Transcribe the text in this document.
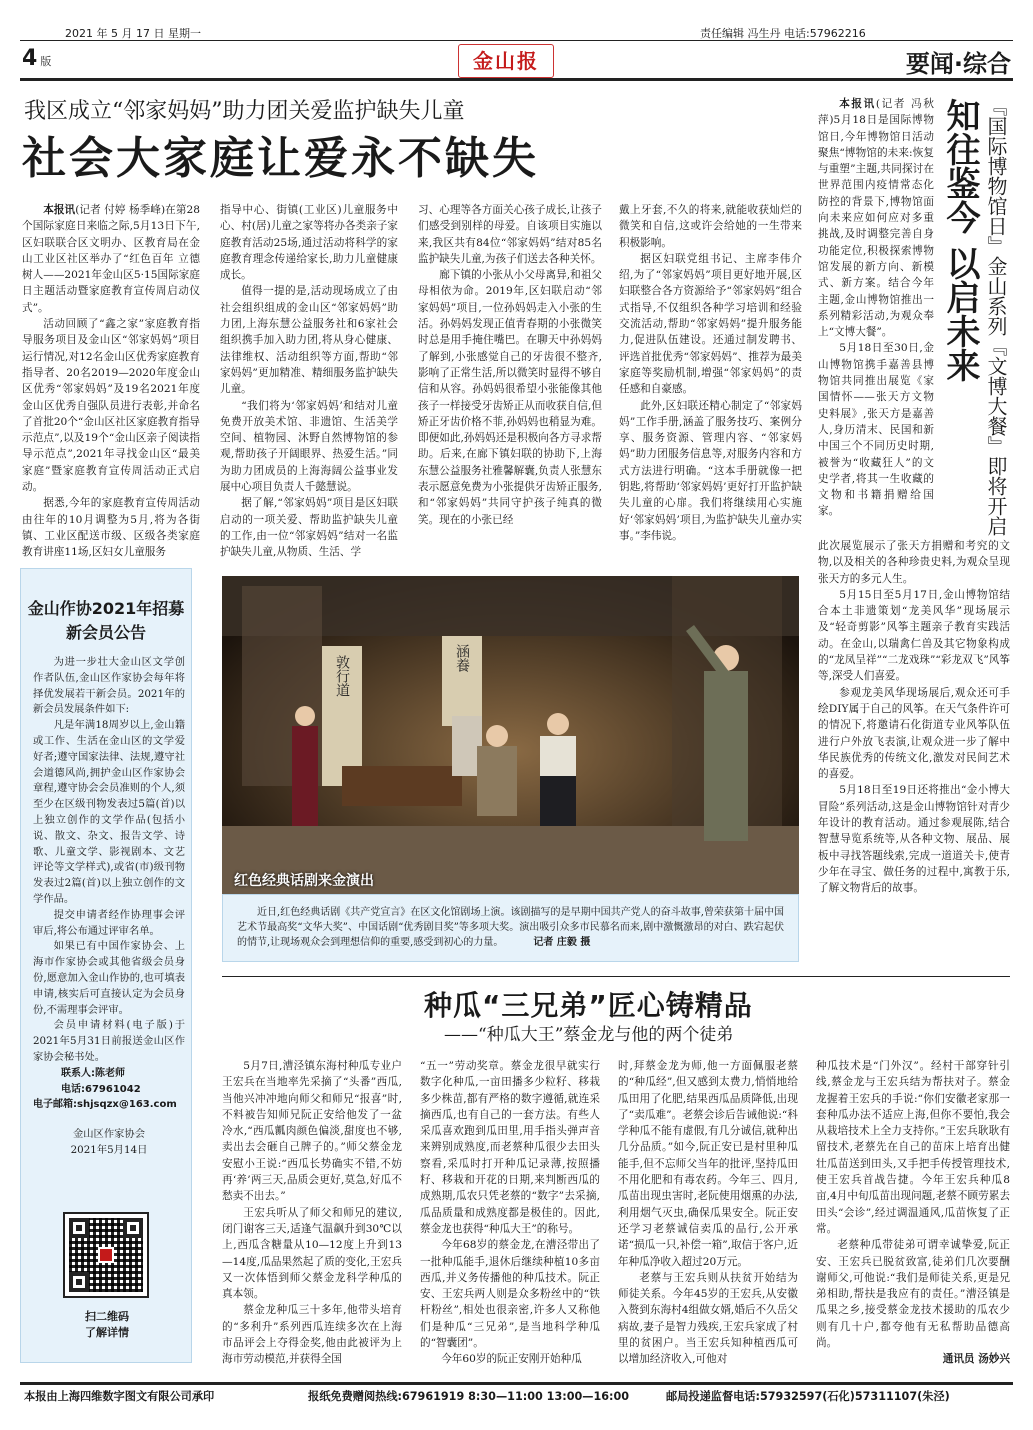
2021 年 5 月 17 日 星期一	责任编辑 冯生丹 电话:57962216
4 版	金山报	要闻·综合
我区成立“邻家妈妈”助力团关爱监护缺失儿童
社会大家庭让爱永不缺失

本报讯(记者 付婷 杨季峰)在第28个国际家庭日来临之际,5月13日下午,区妇联联合区文明办、区教育局在金山工业区社区举办了“红色百年 立德树人——2021年金山区5·15国际家庭日主题活动暨家庭教育宣传周启动仪式”。

活动回顾了“鑫之家”家庭教育指导服务项目及金山区“邻家妈妈”项目运行情况,对12名金山区优秀家庭教育指导者、20名2019—2020年度金山区优秀“邻家妈妈”及19名2021年度金山区优秀自强队员进行表彰,并命名了首批20个“金山区社区家庭教育指导示范点”,以及19个“金山区亲子阅读指导示范点”,2021年寻找金山区“最美家庭”暨家庭教育宣传周活动正式启动。

据悉,今年的家庭教育宣传周活动由往年的10月调整为5月,将为各街镇、工业区配送市级、区级各类家庭教育讲座11场,区妇女儿童服务

指导中心、街镇(工业区)儿童服务中心、村(居)儿童之家等将办各类亲子家庭教育活动25场,通过活动将科学的家庭教育理念传递给家长,助力儿童健康成长。

值得一提的是,活动现场成立了由社会组织组成的金山区“邻家妈妈”助力团,上海东慧公益服务社和6家社会组织携手加入助力团,将从身心健康、法律维权、活动组织等方面,帮助“邻家妈妈”更加精准、精细服务监护缺失儿童。

“我们将为‘邻家妈妈’和结对儿童免费开放美术馆、非遗馆、生活美学空间、植物园、沐野自然博物馆的参观,帮助孩子开阔眼界、热爱生活。”同为助力团成员的上海海阔公益事业发展中心项目负责人千懿慧说。

据了解,“邻家妈妈”项目是区妇联启动的一项关爱、帮助监护缺失儿童的工作,由一位“邻家妈妈”结对一名监护缺失儿童,从物质、生活、学

习、心理等各方面关心孩子成长,让孩子们感受到别样的母爱。自该项目实施以来,我区共有84位“邻家妈妈”结对85名监护缺失儿童,为孩子们送去各种关怀。

廊下镇的小张从小父母离异,和祖父母相依为命。2019年,区妇联启动“邻家妈妈”项目,一位孙妈妈走入小张的生活。孙妈妈发现正值青春期的小张微笑时总是用手掩住嘴巴。在聊天中孙妈妈了解到,小张感觉自己的牙齿很不整齐,影响了正常生活,所以微笑时显得不够自信和从容。孙妈妈很希望小张能像其他孩子一样接受牙齿矫正从而收获自信,但矫正牙齿价格不菲,孙妈妈也稍显为难。即便如此,孙妈妈还是积极向各方寻求帮助。后来,在廊下镇妇联的协助下,上海东慧公益服务社雅馨解囊,负责人张慧东表示愿意免费为小张提供牙齿矫正服务,和“邻家妈妈”共同守护孩子纯真的微笑。现在的小张已经

戴上牙套,不久的将来,就能收获灿烂的微笑和自信,这或许会给她的一生带来积极影响。

据区妇联党组书记、主席李伟介绍,为了“邻家妈妈”项目更好地开展,区妇联整合各方资源给予“邻家妈妈”组合式指导,不仅组织各种学习培训和经验交流活动,帮助“邻家妈妈”提升服务能力,促进队伍建设。还通过制发聘书、评选首批优秀“邻家妈妈”、推荐为最美家庭等奖励机制,增强“邻家妈妈”的责任感和自豪感。

此外,区妇联还精心制定了“邻家妈妈”工作手册,涵盖了服务技巧、案例分享、服务资源、管理内容、“邻家妈妈”助力团服务信息等,对服务内容和方式方法进行明确。“这本手册就像一把钥匙,将帮助‘邻家妈妈’更好打开监护缺失儿童的心扉。我们将继续用心实施好‘邻家妈妈’项目,为监护缺失儿童办实事。”李伟说。

知往鉴今 以启未来 『国际博物馆日』金山系列『文博大餐』即将开启

本报讯(记者 冯秋萍)5月18日是国际博物馆日,今年博物馆日活动聚焦“博物馆的未来:恢复与重塑”主题,共同探讨在世界范围内疫情常态化防控的背景下,博物馆面向未来应如何应对多重挑战,及时调整完善自身功能定位,积极探索博物馆发展的新方向、新模式、新方案。结合今年主题,金山博物馆推出一系列精彩活动,为观众奉上“文博大餐”。

5月18日至30日,金山博物馆携手嘉善县博物馆共同推出展览《家国情怀——张天方文物史料展》,张天方是嘉善人,身历清末、民国和新中国三个不同历史时期,被誉为“收藏狂人”的文史学者,将其一生收藏的文物和书籍捐赠给国家。

此次展览展示了张天方捐赠和考究的文物,以及相关的各种珍贵史料,为观众呈现张天方的多元人生。

5月15日至5月17日,金山博物馆结合本土非遗策划“龙美风华”现场展示及“轻奇剪影”风筝主题亲子教育实践活动。在金山,以瑞禽仁兽及其它物象构成的“龙凤呈祥”“二龙戏珠”“彩龙双飞”风筝等,深受人们喜爱。

参观龙美风华现场展后,观众还可手绘DIY属于自己的风筝。在天气条件许可的情况下,将邀请石化街道专业风筝队伍进行户外放飞表演,让观众进一步了解中华民族优秀的传统文化,激发对民间艺术的喜爱。

5月18日至19日还将推出“金小博大冒险”系列活动,这是金山博物馆针对青少年设计的教育活动。通过参观展陈,结合智慧导览系统等,从各种文物、展品、展板中寻找答题线索,完成一道道关卡,使青少年在寻宝、做任务的过程中,寓教于乐,了解文物背后的故事。

金山作协2021年招募新会员公告

为进一步壮大金山区文学创作者队伍,金山区作家协会每年将择优发展若干新会员。2021年的新会员发展条件如下:

凡是年满18周岁以上,金山籍或工作、生活在金山区的文学爱好者;遵守国家法律、法规,遵守社会道德风尚,拥护金山区作家协会章程,遵守协会会员准则的个人,须至少在区级刊物发表过5篇(首)以上独立创作的文学作品(包括小说、散文、杂文、报告文学、诗歌、儿童文学、影视剧本、文艺评论等文学样式),或省(市)级刊物发表过2篇(首)以上独立创作的文学作品。

提交申请者经作协理事会评审后,将公布通过评审名单。

如果已有中国作家协会、上海市作家协会或其他省级会员身份,愿意加入金山作协的,也可填表申请,核实后可直接认定为会员身份,不需理事会评审。

会员申请材料(电子版)于2021年5月31日前报送金山区作家协会秘书处。

联系人:陈老师
电话:67961042
电子邮箱:shjsqzx@163.com
金山区作家协会
2021年5月14日
扫二维码
了解详情
敦行道	涵養
红色经典话剧来金演出
近日,红色经典话剧《共产党宣言》在区文化馆剧场上演。该剧描写的是早期中国共产党人的奋斗故事,曾荣获第十届中国艺术节最高奖“文华大奖”、中国话剧“优秀剧目奖”等多项大奖。演出吸引众多市民慕名而来,剧中激慨激昂的对白、跌宕起伏的情节,让现场观众会到理想信仰的重要,感受到初心的力量。	记者 庄毅 摄
种瓜“三兄弟”匠心铸精品
——“种瓜大王”蔡金龙与他的两个徒弟

5月7日,漕泾镇东海村种瓜专业户王宏兵在当地率先采摘了“头番”西瓜,当他兴冲冲地向师父和师兄“报喜”时,不料被告知师兄阮正安给他发了一盆冷水,“西瓜瓤肉颜色偏淡,甜度也不够,卖出去会砸自己牌子的。”师父蔡金龙安慰小王说:“西瓜长势确实不错,不妨再‘养’两三天,品质会更好,莫急,好瓜不愁卖不出去。”

王宏兵听从了师父和师兄的建议,闭门谢客三天,适逢气温飙升到30℃以上,西瓜含糖量从10—12度上升到13—14度,瓜品果然起了质的变化,王宏兵又一次体悟到师父蔡金龙科学种瓜的真本领。

蔡金龙种瓜三十多年,他带头培育的“多利升”系列西瓜连续多次在上海市品评会上夺得金奖,他由此被评为上海市劳动模范,并获得全国

“五一”劳动奖章。蔡金龙很早就实行数字化种瓜,一亩田播多少粒籽、移栽多少株苗,都有严格的数字遵循,就连采摘西瓜,也有自己的一套方法。有些人采瓜喜欢跑到瓜田里,用手指头弹声音来辨别成熟度,而老蔡种瓜很少去田头察看,采瓜时打开种瓜记录薄,按照播籽、移栽和开花的日期,来判断西瓜的成熟期,瓜农只凭老蔡的“数字”去采摘,瓜品质量和成熟度都是极佳的。因此,蔡金龙也获得“种瓜大王”的称号。

今年68岁的蔡金龙,在漕泾带出了一批种瓜能手,退休后继续种植10多亩西瓜,并义务传播他的种瓜技术。阮正安、王宏兵两人则是众多粉丝中的“铁杆粉丝”,相处也很亲密,许多人又称他们是种瓜“三兄弟”,是当地科学种瓜的“智囊团”。

今年60岁的阮正安刚开始种瓜

时,拜蔡金龙为师,他一方面佩服老蔡的“种瓜经”,但又感到太费力,悄悄地给瓜田用了化肥,结果西瓜品质降低,出现了“卖瓜难”。老蔡会诊后告诫他说:“科学种瓜不能有虚假,有几分诚信,就种出几分品质。”如今,阮正安已是村里种瓜能手,但不忘师父当年的批评,坚持瓜田不用化肥和有毒农药。今年三、四月,瓜苗出现虫害时,老阮使用烟熏的办法,利用烟气灭虫,确保瓜果安全。阮正安还学习老蔡诚信卖瓜的品行,公开承诺“损瓜一只,补偿一箱”,取信于客户,近年种瓜净收入超过20万元。

老蔡与王宏兵则从扶贫开始结为师徒关系。今年45岁的王宏兵,从安徽入赘到东海村4组做女婿,婚后不久岳父病故,妻子是智力残疾,王宏兵家成了村里的贫困户。当王宏兵知种植西瓜可以增加经济收入,可他对

种瓜技术是“门外汉”。经村干部穿针引线,蔡金龙与王宏兵结为帮扶对子。蔡金龙握着王宏兵的手说:“你们安徽老家那一套种瓜办法不适应上海,但你不要怕,我会从栽培技术上全力支持你。”王宏兵耿耿有留技术,老蔡先在自己的苗床上培育出健壮瓜苗送到田头,又手把手传授管理技术,使王宏兵首战告捷。今年王宏兵种瓜8亩,4月中旬瓜苗出现问题,老蔡不顾劳累去田头“会诊”,经过调温通风,瓜苗恢复了正常。

老蔡种瓜带徒弟可谓幸诚挚爱,阮正安、王宏兵已脱贫致富,徒弟们几次要酬谢师父,可他说:“我们是师徒关系,更是兄弟相助,帮扶是我应有的责任。”漕泾镇是瓜果之乡,接受蔡金龙技术援助的瓜农少则有几十户,都夸他有无私帮助品德高尚。

通讯员 汤妙兴
本报由上海四维数字图文有限公司承印	报纸免费赠阅热线:67961919 8:30—11:00 13:00—16:00	邮局投递监督电话:57932597(石化)57311107(朱泾)
